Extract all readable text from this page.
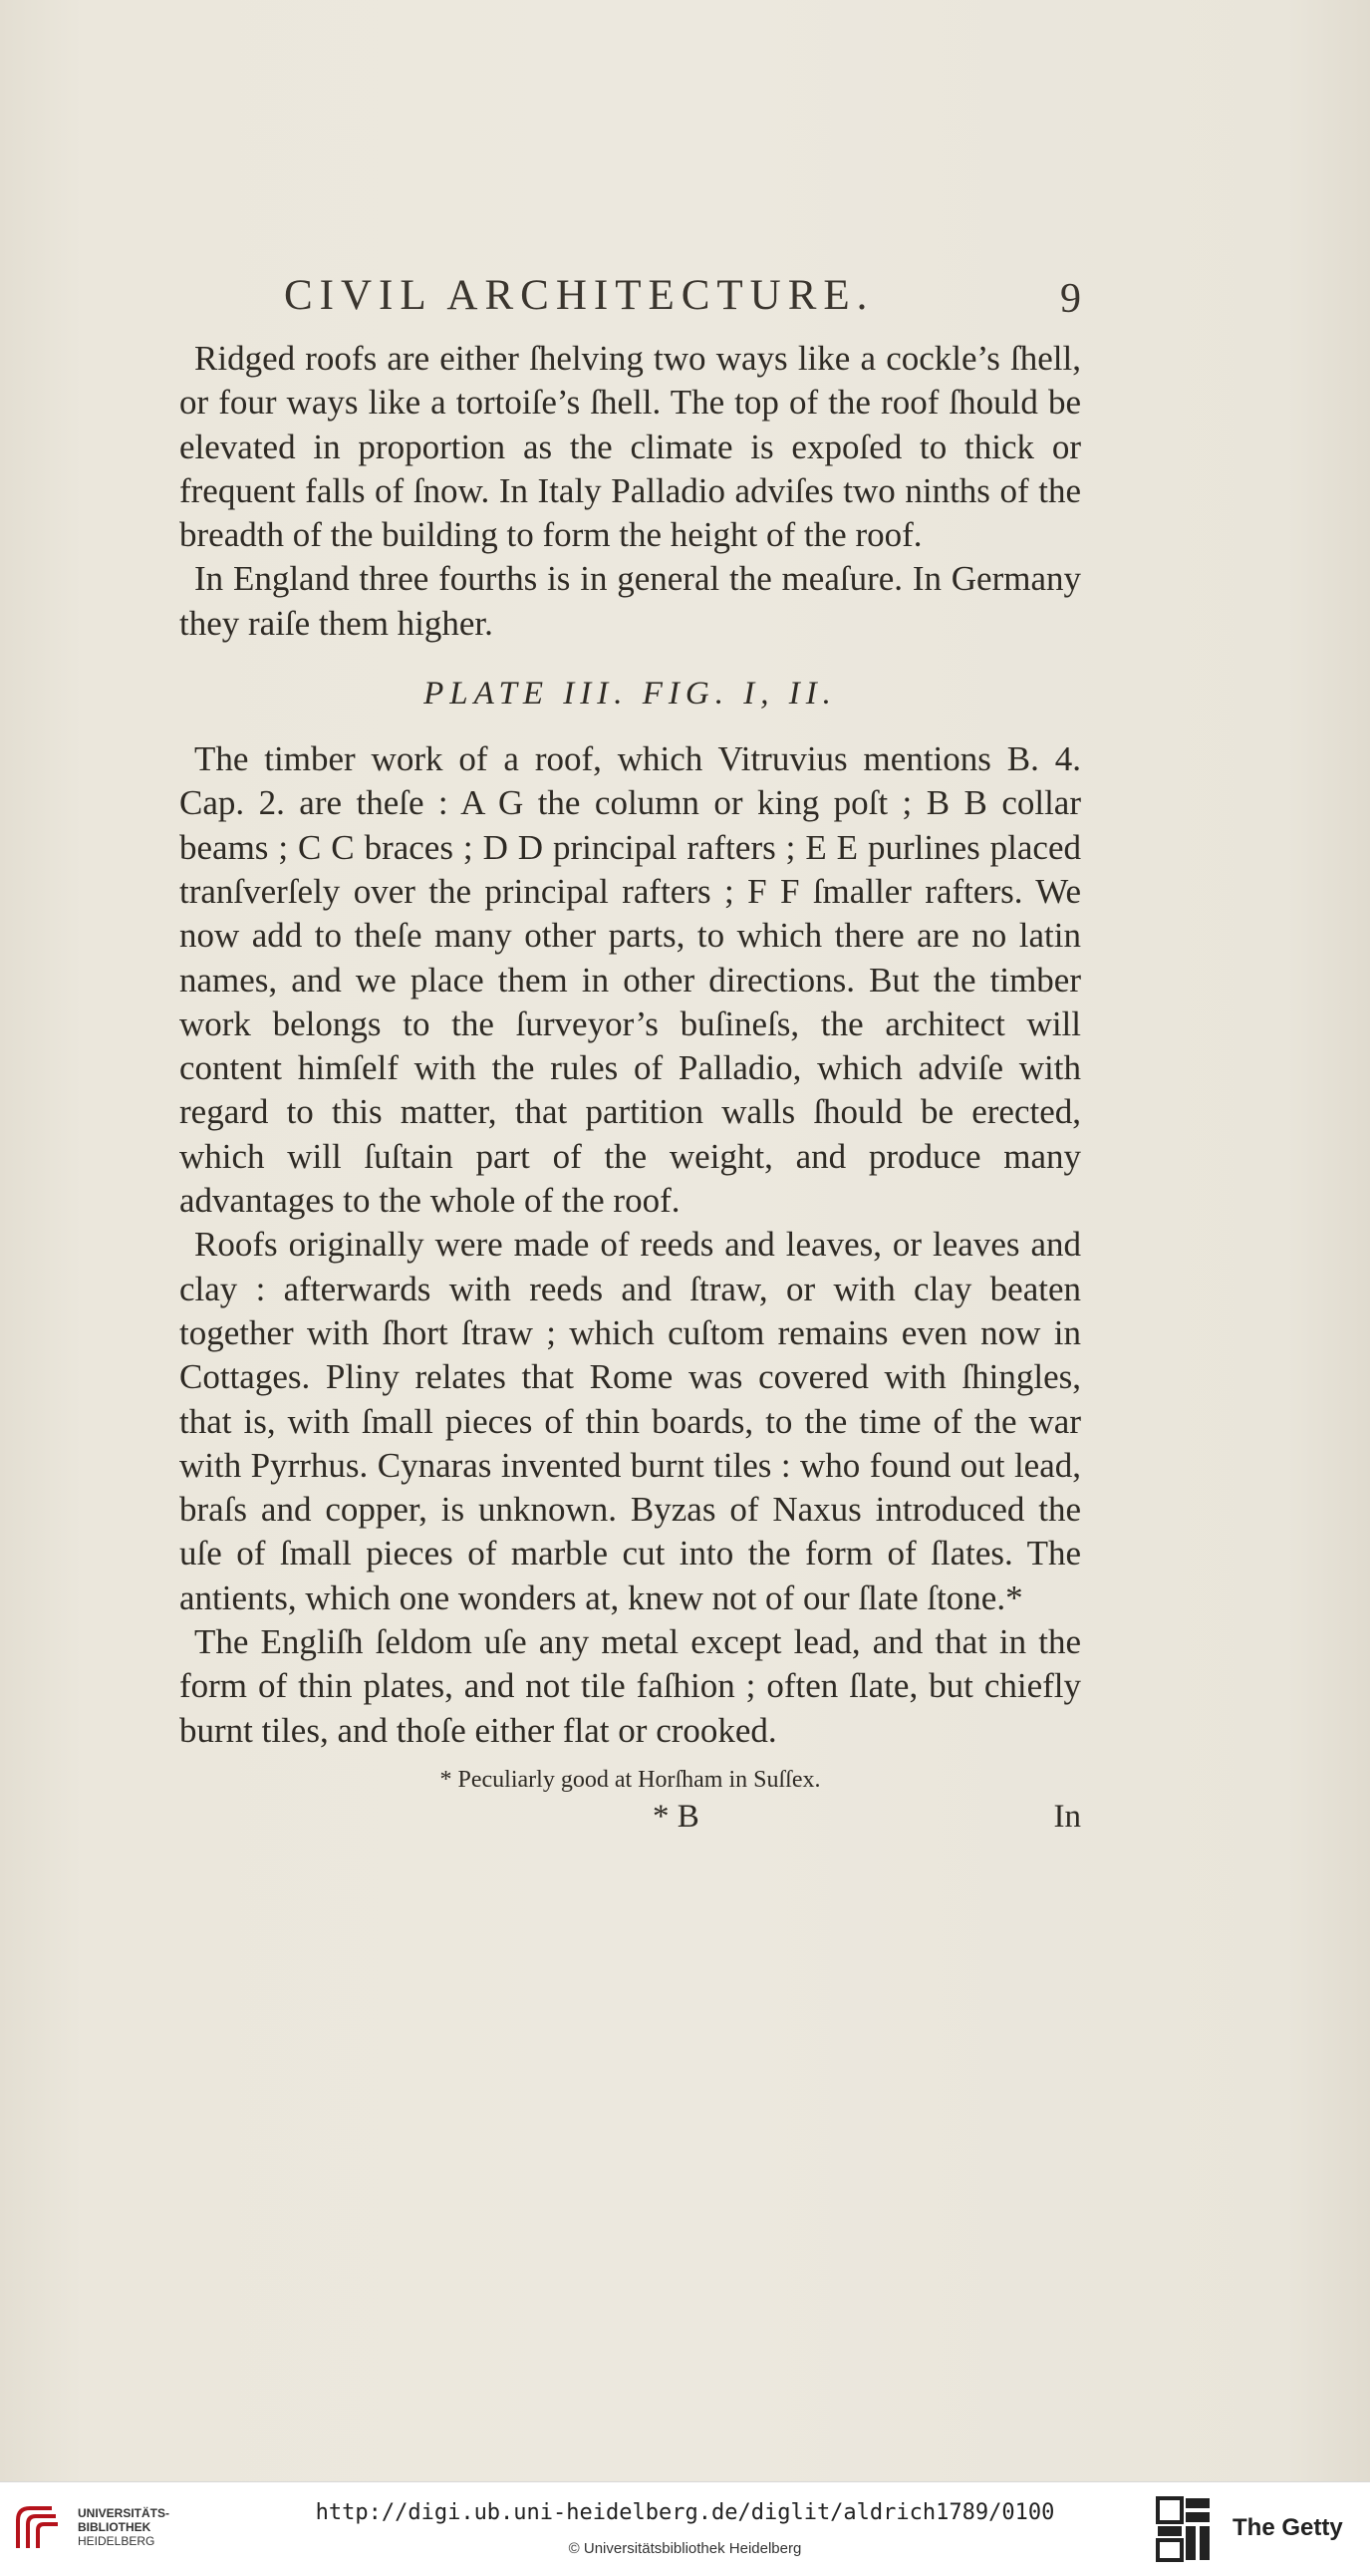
CIVIL ARCHITECTURE.	9

Ridged roofs are either ſhelving two ways like a cockle’s ſhell, or four ways like a tortoiſe’s ſhell. The top of the roof ſhould be elevated in proportion as the climate is expoſed to thick or frequent falls of ſnow. In Italy Palladio adviſes two ninths of the breadth of the building to form the height of the roof.

In England three fourths is in general the meaſure. In Germany they raiſe them higher.

PLATE III. FIG. I, II.

The timber work of a roof, which Vitruvius mentions B. 4. Cap. 2. are theſe : A G the column or king poſt ; B B collar beams ; C C braces ; D D principal rafters ; E E purlines placed tranſverſely over the principal rafters ; F F ſmaller rafters. We now add to theſe many other parts, to which there are no latin names, and we place them in other directions. But the timber work belongs to the ſurveyor’s buſineſs, the architect will content himſelf with the rules of Palladio, which adviſe with regard to this matter, that partition walls ſhould be erected, which will ſuſtain part of the weight, and produce many advantages to the whole of the roof.

Roofs originally were made of reeds and leaves, or leaves and clay : afterwards with reeds and ſtraw, or with clay beaten together with ſhort ſtraw ; which cuſtom remains even now in Cottages. Pliny relates that Rome was covered with ſhingles, that is, with ſmall pieces of thin boards, to the time of the war with Pyrrhus. Cynaras invented burnt tiles : who found out lead, braſs and copper, is unknown. Byzas of Naxus introduced the uſe of ſmall pieces of marble cut into the form of ſlates. The antients, which one wonders at, knew not of our ſlate ſtone.*

The Engliſh ſeldom uſe any metal except lead, and that in the form of thin plates, and not tile faſhion ; often ſlate, but chiefly burnt tiles, and thoſe either flat or crooked.

* Peculiarly good at Horſham in Suſſex.

* B	In
UNIVERSITÄTS-
BIBLIOTHEK
HEIDELBERG
http://digi.ub.uni-heidelberg.de/diglit/aldrich1789/0100
© Universitätsbibliothek Heidelberg
The Getty
